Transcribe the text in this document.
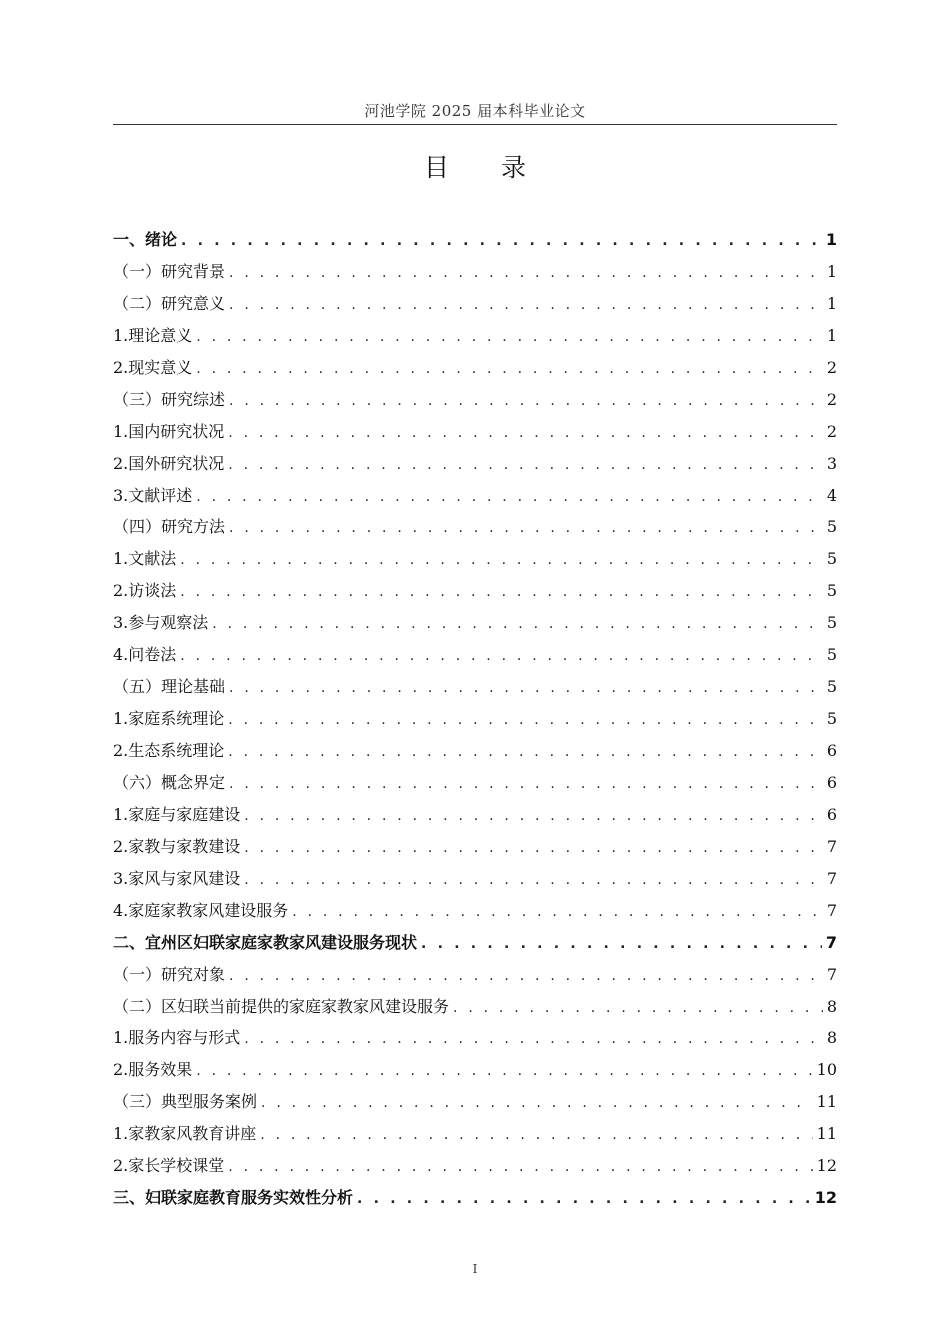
河池学院 2025 届本科毕业论文
目 录
一、绪论 . . .	1
（一）研究背景 . . .	1
（二）研究意义 . . .	1
1.理论意义 . . .	1
2.现实意义 . . .	2
（三）研究综述 . . .	2
1.国内研究状况 . . .	2
2.国外研究状况 . . .	3
3.文献评述 . . .	4
（四）研究方法 . . .	5
1.文献法 . . .	5
2.访谈法 . . .	5
3.参与观察法 . . .	5
4.问卷法 . . .	5
（五）理论基础 . . .	5
1.家庭系统理论 . . .	5
2.生态系统理论 . . .	6
（六）概念界定 . . .	6
1.家庭与家庭建设 . . .	6
2.家教与家教建设 . . .	7
3.家风与家风建设 . . .	7
4.家庭家教家风建设服务 . . .	7
二、宜州区妇联家庭家教家风建设服务现状 . . .	7
（一）研究对象 . . .	7
（二）区妇联当前提供的家庭家教家风建设服务 . . .	8
1.服务内容与形式 . . .	8
2.服务效果 . . .	10
（三）典型服务案例 . . .	11
1.家教家风教育讲座 . . .	11
2.家长学校课堂 . . .	12
三、妇联家庭教育服务实效性分析 . . .	12
I
